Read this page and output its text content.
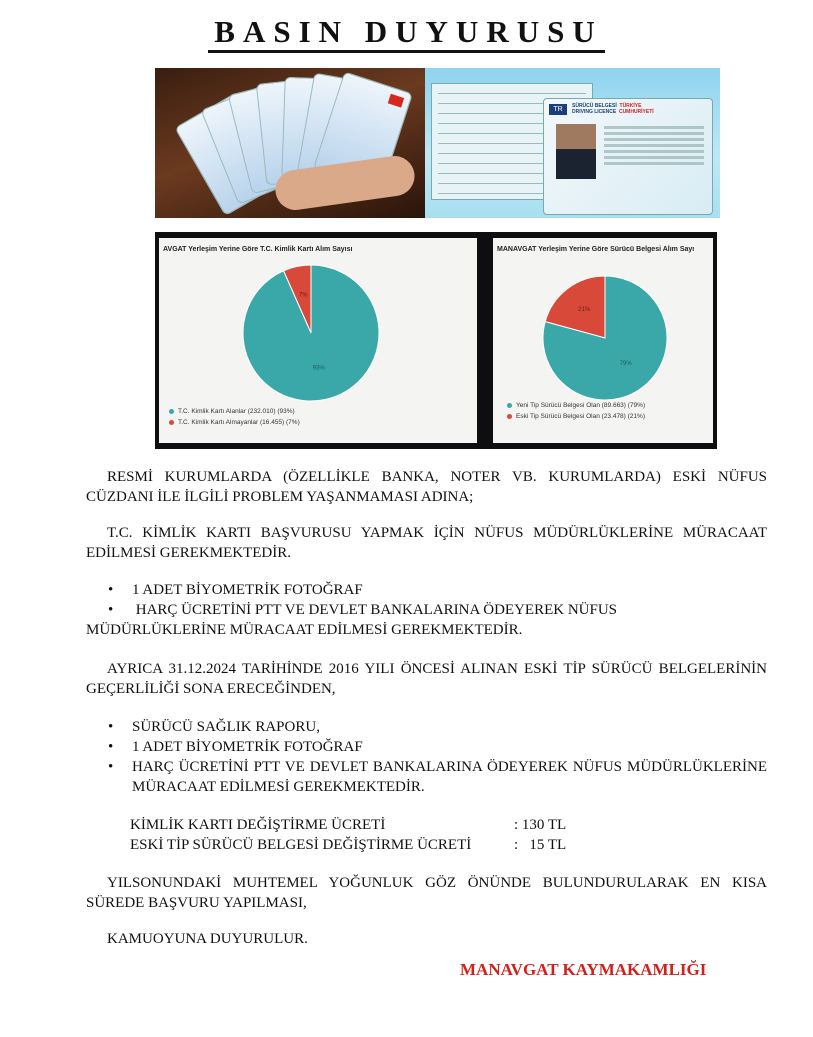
BASIN DUYURUSU
TR	SÜRÜCÜ BELGESİ TÜRKİYE
DRIVING LICENCE CUMHURİYETİ
AVGAT Yerleşim Yerine Göre T.C. Kimlik Kartı Alım Sayısı
7%
93%
T.C. Kimlik Kartı Alanlar (232.010) (93%)
T.C. Kimlik Kartı Almayanlar (16.455) (7%)
MANAVGAT Yerleşim Yerine Göre Sürücü Belgesi Alım Sayı
21%
79%
Yeni Tip Sürücü Belgesi Olan (89.663) (79%)
Eski Tip Sürücü Belgesi Olan (23.478) (21%)

RESMİ KURUMLARDA (ÖZELLİKLE BANKA, NOTER VB. KURUMLARDA) ESKİ NÜFUS CÜZDANI İLE İLGİLİ PROBLEM YAŞANMAMASI ADINA;

T.C. KİMLİK KARTI BAŞVURUSU YAPMAK İÇİN NÜFUS MÜDÜRLÜKLERİNE MÜRACAAT EDİLMESİ GEREKMEKTEDİR.

• 1 ADET BİYOMETRİK FOTOĞRAF
• HARÇ ÜCRETİNİ PTT VE DEVLET BANKALARINA ÖDEYEREK NÜFUS
MÜDÜRLÜKLERİNE MÜRACAAT EDİLMESİ GEREKMEKTEDİR.

AYRICA 31.12.2024 TARİHİNDE 2016 YILI ÖNCESİ ALINAN ESKİ TİP SÜRÜCÜ BELGELERİNİN GEÇERLİLİĞİ SONA ERECEĞİNDEN,

• SÜRÜCÜ SAĞLIK RAPORU,
• 1 ADET BİYOMETRİK FOTOĞRAF
• HARÇ ÜCRETİNİ PTT VE DEVLET BANKALARINA ÖDEYEREK NÜFUS MÜDÜRLÜKLERİNE MÜRACAAT EDİLMESİ GEREKMEKTEDİR.
KİMLİK KARTI DEĞİŞTİRME ÜCRETİ	: 130 TL
ESKİ TİP SÜRÜCÜ BELGESİ DEĞİŞTİRME ÜCRETİ	:   15 TL

YILSONUNDAKİ MUHTEMEL YOĞUNLUK GÖZ ÖNÜNDE BULUNDURULARAK EN KISA SÜREDE BAŞVURU YAPILMASI,

KAMUOYUNA DUYURULUR.

MANAVGAT KAYMAKAMLIĞI
